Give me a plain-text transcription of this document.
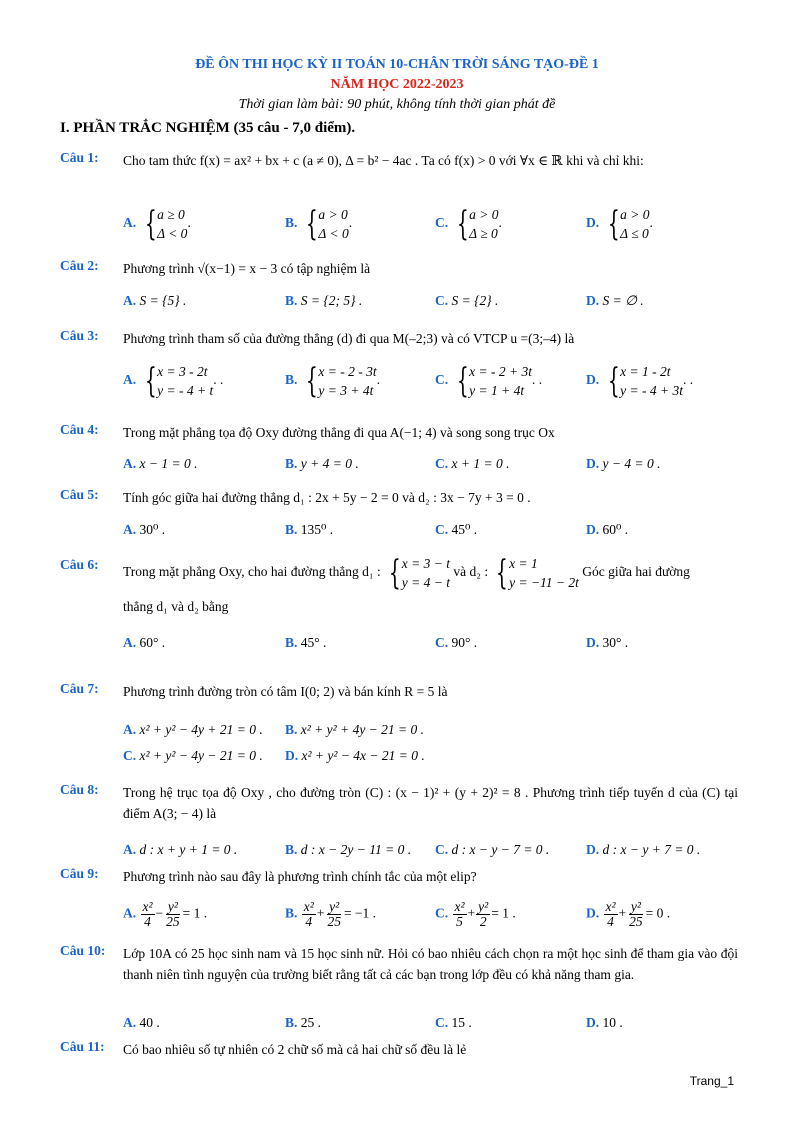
ĐỀ ÔN THI HỌC KỲ II TOÁN 10-CHÂN TRỜI SÁNG TẠO-ĐỀ 1
NĂM HỌC 2022-2023
Thời gian làm bài: 90 phút, không tính thời gian phát đề
I. PHẦN TRẮC NGHIỆM (35 câu - 7,0 điểm).
Câu 1:	Cho tam thức f(x) = ax² + bx + c (a ≠ 0), Δ = b² − 4ac . Ta có f(x) > 0 với ∀x ∈ ℝ khi và chỉ khi:
A. { a ≥ 0
Δ < 0
.	B. { a > 0
Δ < 0
.	C. { a > 0
Δ ≥ 0
.	D. { a > 0
Δ ≤ 0
.
Câu 2:	Phương trình √(x−1) = x − 3 có tập nghiệm là
A. S = {5} .	B. S = {2; 5} .	C. S = {2} .	D. S = ∅ .
Câu 3:	Phương trình tham số của đường thẳng (d) đi qua M(–2;3) và có VTCP u =(3;–4) là
A. { x = 3 - 2t
y = - 4 + t
. .	B. { x = - 2 - 3t
y = 3 + 4t
.	C. { x = - 2 + 3t
y = 1 + 4t
. .	D. { x = 1 - 2t
y = - 4 + 3t
. .
Câu 4:	Trong mặt phẳng tọa độ Oxy đường thẳng đi qua A(−1; 4) và song song trục Ox
A. x − 1 = 0 .	B. y + 4 = 0 .	C. x + 1 = 0 .	D. y − 4 = 0 .
Câu 5:	Tính góc giữa hai đường thẳng d₁ : 2x + 5y − 2 = 0 và d₂ : 3x − 7y + 3 = 0 .
A. 30⁰ .	B. 135⁰ .	C. 45⁰ .	D. 60⁰ .
Câu 6:	Trong mặt phẳng Oxy, cho hai đường thẳng d₁ : { x = 3 − t
y = 4 − t
và d₂ : { x = 1
y = −11 − 2t
Góc giữa hai đường
thẳng d₁ và d₂ bằng
A. 60° .	B. 45° .	C. 90° .	D. 30° .
Câu 7:	Phương trình đường tròn có tâm I(0; 2) và bán kính R = 5 là
A. x² + y² − 4y + 21 = 0 . B. x² + y² + 4y − 21 = 0 .
C. x² + y² − 4y − 21 = 0 . D. x² + y² − 4x − 21 = 0 .
Câu 8:	Trong hệ trục tọa độ Oxy , cho đường tròn (C) : (x − 1)² + (y + 2)² = 8 . Phương trình tiếp tuyến d của (C) tại điểm A(3; − 4) là
A. d : x + y + 1 = 0 .	B. d : x − 2y − 11 = 0 . C. d : x − y − 7 = 0 .	D. d : x − y + 7 = 0 .
Câu 9:	Phương trình nào sau đây là phương trình chính tắc của một elip?
A. $\frac{\text{x²}}{4} - \frac{\text{y²}}{25} = 1$ .	B. $\frac{\text{x²}}{4} + \frac{\text{y²}}{25} = -1$ .	C. $\frac{\text{x²}}{5} + \frac{\text{y²}}{2} = 1$ .	D. $\frac{\text{x²}}{4} + \frac{\text{y²}}{25} = 0$ .
Câu 10:	Lớp 10A có 25 học sinh nam và 15 học sinh nữ. Hỏi có bao nhiêu cách chọn ra một học sinh để tham gia vào đội thanh niên tình nguyện của trường biết rằng tất cả các bạn trong lớp đều có khả năng tham gia.
A. 40 .	B. 25 .	C. 15 .	D. 10 .
Câu 11:	Có bao nhiêu số tự nhiên có 2 chữ số mà cả hai chữ số đều là lẻ
Trang_1
